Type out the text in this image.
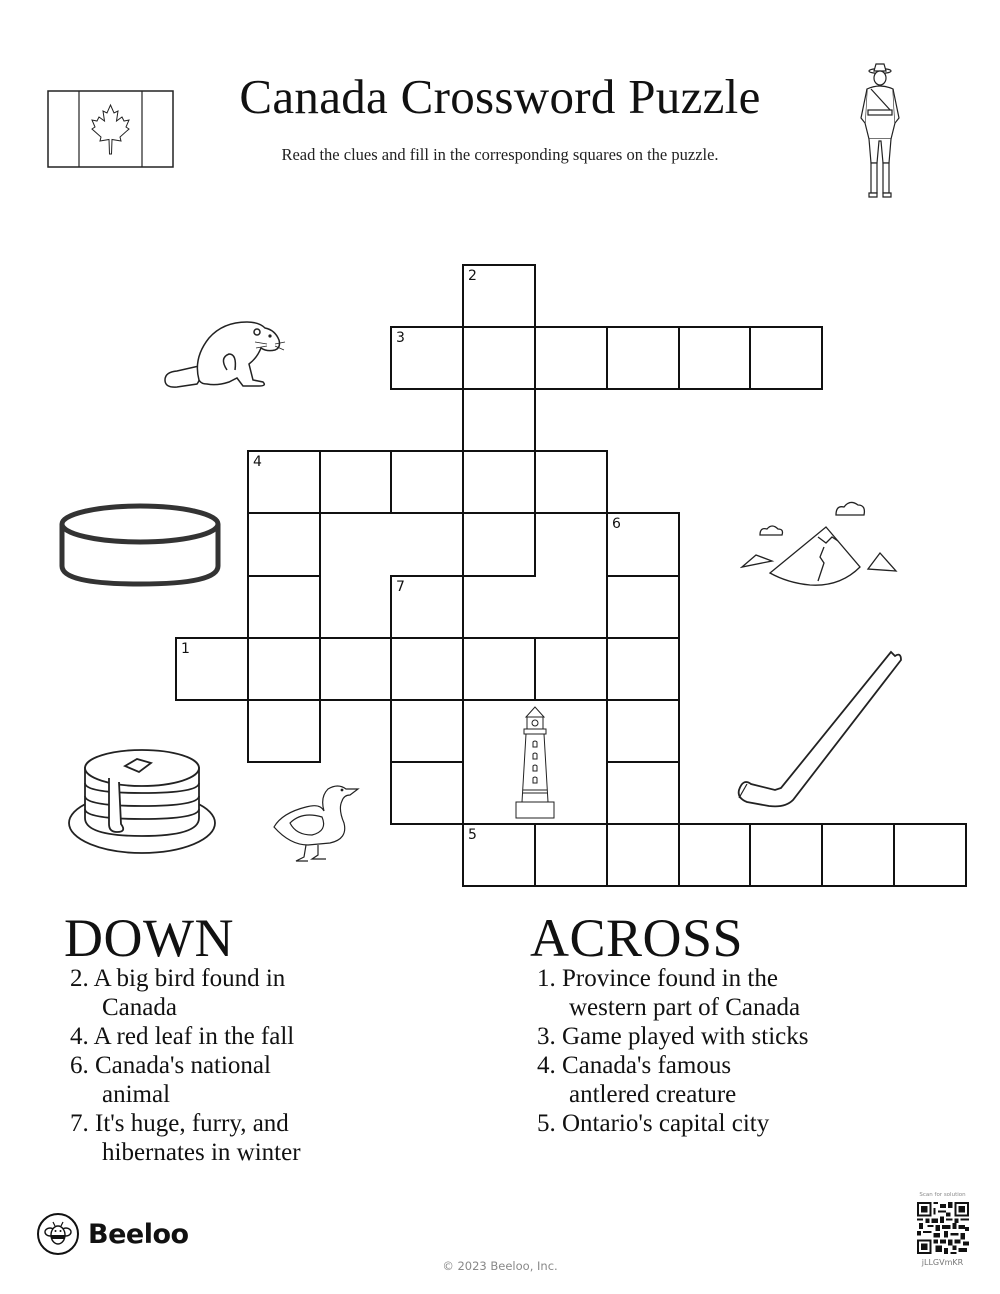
Canada Crossword Puzzle
Read the clues and fill in the corresponding squares on the puzzle.
2
3
4
6
7
1
5
DOWN
2. A big bird found in
Canada
4. A red leaf in the fall
6. Canada's national
animal
7. It's huge, furry, and
hibernates in winter
ACROSS
1. Province found in the
western part of Canada
3. Game played with sticks
4. Canada's famous
antlered creature
5. Ontario's capital city
Beeloo
© 2023 Beeloo, Inc.
Scan for solution
jLLGVmKR
